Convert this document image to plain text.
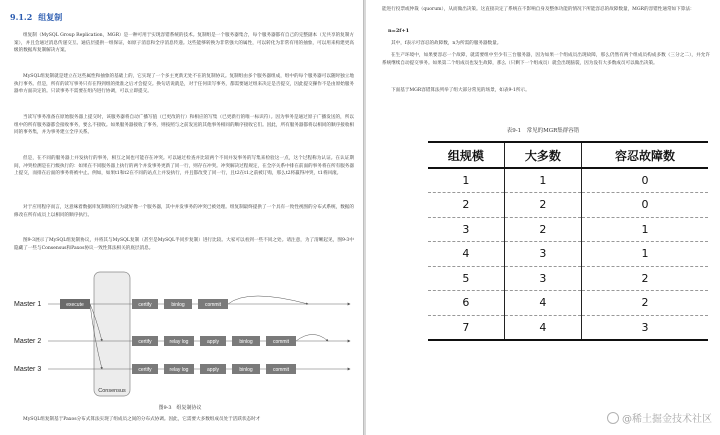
9.1.2 组复制

组复制（MySQL Group Replication，MGR）是一种可用于实现容错系统的技术。复制组是一个服务器集合，每个服务器都有自己的完整副本（无共享的复制方案），并且会通过消息传递交互。通信层提供一组保证，如原子消息和全序消息传递。这些能够转换为非常强大的属性，可以转化为非常有用的抽象，可以用来构建更高级的数据库复制解决方案。

MySQL组复制就是建立在这些属性和抽象的基础上的，它实现了一个多主更新无处不在的复制协议。复制组由多个服务器组成，组中的每个服务器可以随时独立地执行事务。但是，所有的读写事务只有在得到组的批准之后才会提交。换句话说就是，对于任何读写事务，都需要通过组来决定是否提交，因此提交操作不是由原始服务器单方面决定的。只读事务不需要在组内进行协调，可以立即提交。

当读写事务准备在原始服务器上提交时，该服务器将自动广播写值（已更改的行）和相应的写集（已更新行的唯一标识符）。因为事务是通过原子广播发送的，所以组中的所有服务器都会接收事务，要么不接收。如果服务器接收了事务，则按照与之前发送的其他事务相同的顺序接收它们。因此，所有服务器都将以相同的顺序接收相同的事务集，并为事务建立全序关系。

但是，在不同的服务器上并发执行的事务，相互之间也可能存在冲突。可以通过检查并比较两个不同并发事务的写集来检验这一点，这个过程称为认证。在认证期间，冲突检测是在行级执行的：如果在不同服务器上执行的两个并发事务更新了同一行，则存在冲突。冲突解决过程规定，在全序关系中排在前面的事务将在所有服务器上提交，而排在后面的事务将被中止。例如，如果t1和t2在不同的站点上并发执行，并且都改变了同一行，且t2在t1之前被订购，那么t2将赢得冲突，t1将回滚。

对于应用程序而言，这意味着数据库复制组的行为就好像一个服务器，其中并发事务的冲突已被处理。组复制最终提供了一个具有一致性视图的分布式系统，数据的修改在所有成员上以相同的顺序执行。

图9-3展示了MySQL组复制协议，并将其与MySQL复制（甚至是MySQL半同步复制）进行比较。大家可以看到一些不同之处。请注意，为了清晰起见，图9-3中隐藏了一些与Consensus和Paxos协议一致性算法相关的底层消息。

Consensus
Master 1
Master 2
Master 3
execute	certify	binlog	commit
certify	relay log	apply	binlog	commit
certify	relay log	apply	binlog	commit
图9-3　组复制协议

MySQL组复制基于Paxos分布式算法实现了组成员之间的分布式协调。因此，它需要大多数组成员处于活跃状态时才

能进行投票或仲裁（quorum），从而做出决策。这直接决定了系统在不影响自身及整体功能的情况下所能容忍的故障数量，MGR的容错性通常如下算法：

n=2f+1

其中，f表示可容忍的故障数，n为所需的服务器数量。

在生产环境中，如果要容忍一个故障，就需要组中至少有三台服务器，因为如果一个组成员出现故障，那么仍然有两个组成员构成多数（三分之二），并允许系统继续自动提交事务。如果第二个组成员也发生故障，那么（只剩下一个组成员）就会出现脑裂，因为没有大多数成员可以做出决策。

下面基于MGR容错算法列举了组大部分常见的场景，如表9-1所示。

表9-1　常见的MGR集群容错
组规模	大多数	容忍故障数
1	1	0
2	2	0
3	2	1
4	3	1
5	3	2
6	4	2
7	4	3
@稀土掘金技术社区
